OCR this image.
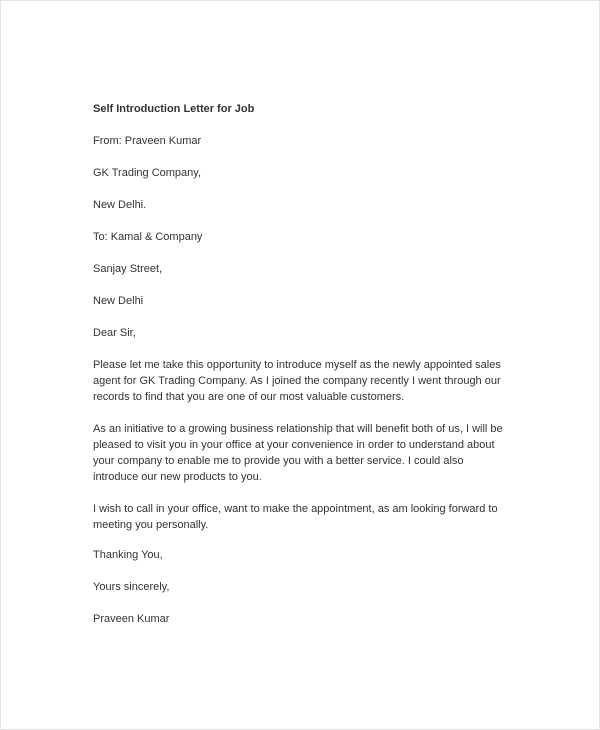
Self Introduction Letter for Job

From: Praveen Kumar

GK Trading Company,

New Delhi.

To: Kamal & Company

Sanjay Street,

New Delhi

Dear Sir,

Please let me take this opportunity to introduce myself as the newly appointed sales agent for GK Trading Company. As I joined the company recently I went through our records to find that you are one of our most valuable customers.

As an initiative to a growing business relationship that will benefit both of us, I will be pleased to visit you in your office at your convenience in order to understand about your company to enable me to provide you with a better service. I could also introduce our new products to you.

I wish to call in your office, want to make the appointment, as am looking forward to meeting you personally.

Thanking You,

Yours sincerely,

Praveen Kumar
